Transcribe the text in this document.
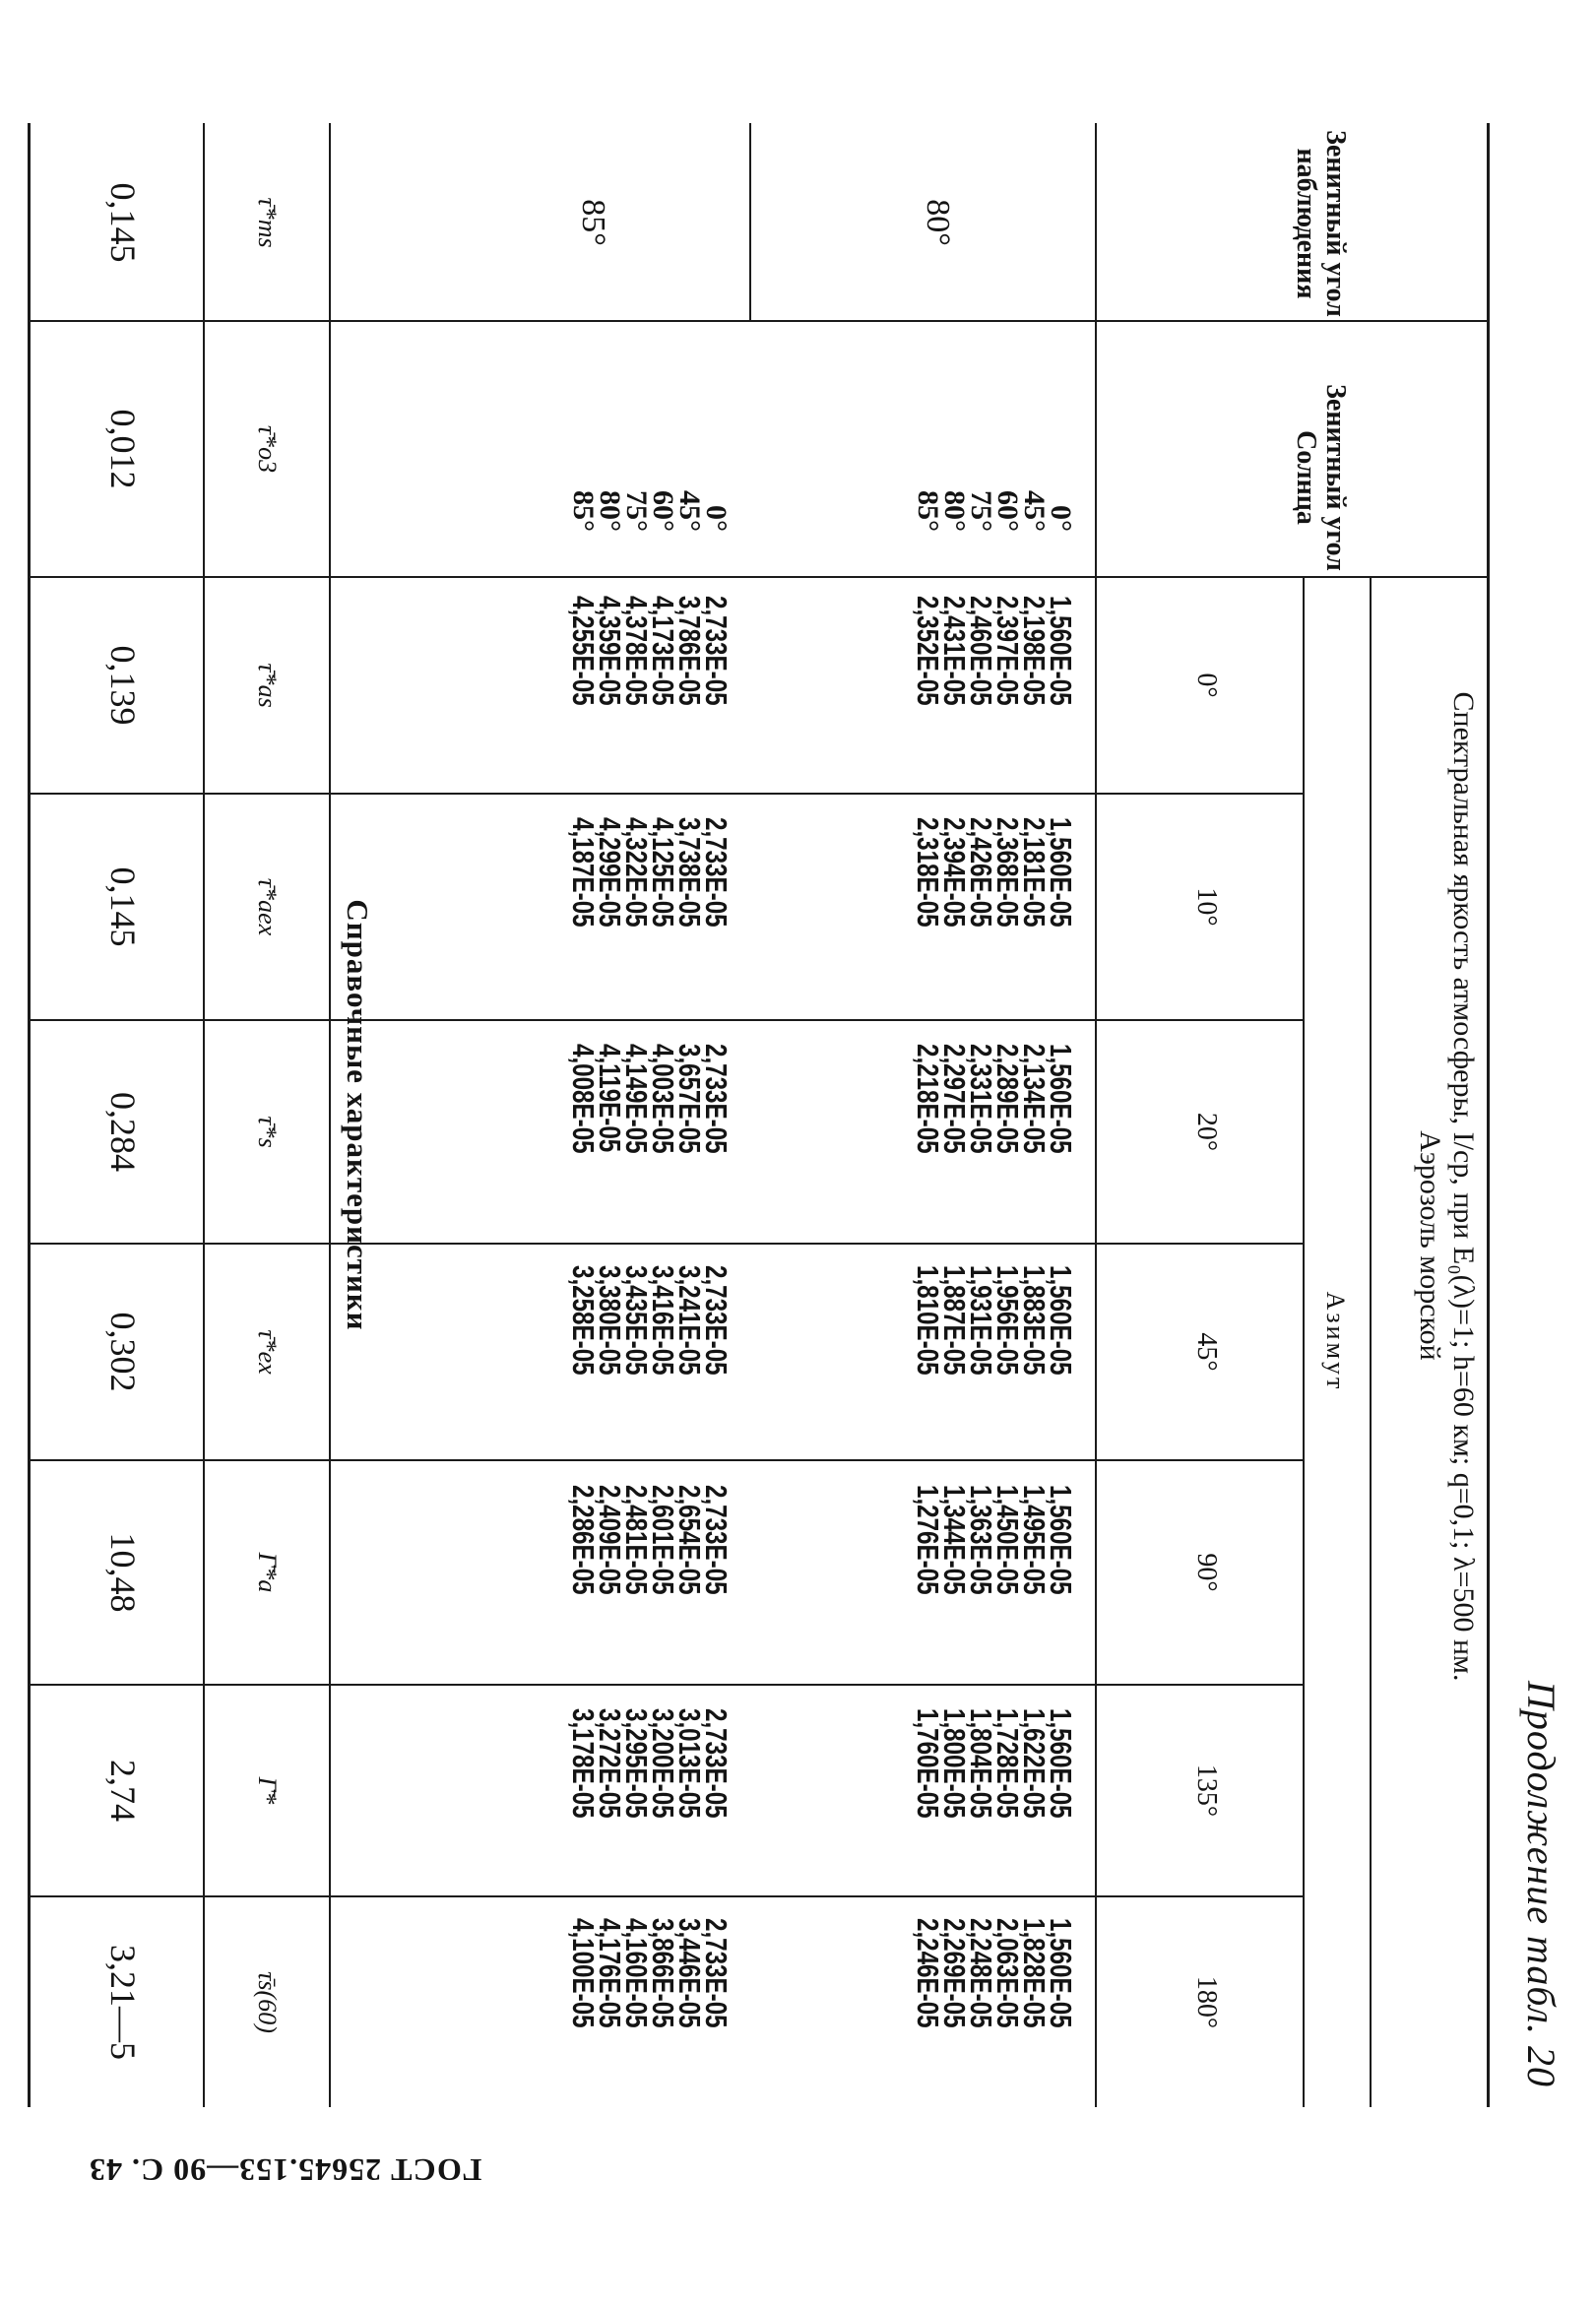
Продолжение табл. 20
Зенитный угол наблюдения
Зенитный угол Солнца
Спектральная яркость атмосферы, I/ср, при E₀(λ)=1; h=60 км; q=0,1; λ=500 нм.
Аэрозоль морской
Азимут
0°
10°
20°
45°
90°
135°
180°
80°
0°
45°
60°
75°
80°
85°
1,560E-05
2,198E-05
2,397E-05
2,460E-05
2,431E-05
2,352E-05
1,560E-05
2,181E-05
2,368E-05
2,426E-05
2,394E-05
2,318E-05
1,560E-05
2,134E-05
2,289E-05
2,331E-05
2,297E-05
2,218E-05
1,560E-05
1,883E-05
1,956E-05
1,931E-05
1,887E-05
1,810E-05
1,560E-05
1,495E-05
1,450E-05
1,363E-05
1,344E-05
1,276E-05
1,560E-05
1,622E-05
1,728E-05
1,804E-05
1,800E-05
1,760E-05
1,560E-05
1,828E-05
2,063E-05
2,248E-05
2,269E-05
2,246E-05
85°
0°
45°
60°
75°
80°
85°
2,733E-05
3,786E-05
4,173E-05
4,378E-05
4,359E-05
4,255E-05
2,733E-05
3,738E-05
4,125E-05
4,322E-05
4,299E-05
4,187E-05
2,733E-05
3,657E-05
4,003E-05
4,149E-05
4,119E-05
4,008E-05
2,733E-05
3,241E-05
3,416E-05
3,435E-05
3,380E-05
3,258E-05
2,733E-05
2,654E-05
2,601E-05
2,481E-05
2,409E-05
2,286E-05
2,733E-05
3,013E-05
3,200E-05
3,295E-05
3,272E-05
3,178E-05
2,733E-05
3,446E-05
3,866E-05
4,160E-05
4,176E-05
4,100E-05
Справочные характеристики
τ̄*ms
τ̄*o3
τ̄*as
τ̄*aex
τ̄*s
τ̄*ex
Γ̄*a
Γ̄*
τ̄s(60)
0,145
0,012
0,139
0,145
0,284
0,302
10,48
2,74
3,21—5
ГОСТ 25645.153—90 С. 43
